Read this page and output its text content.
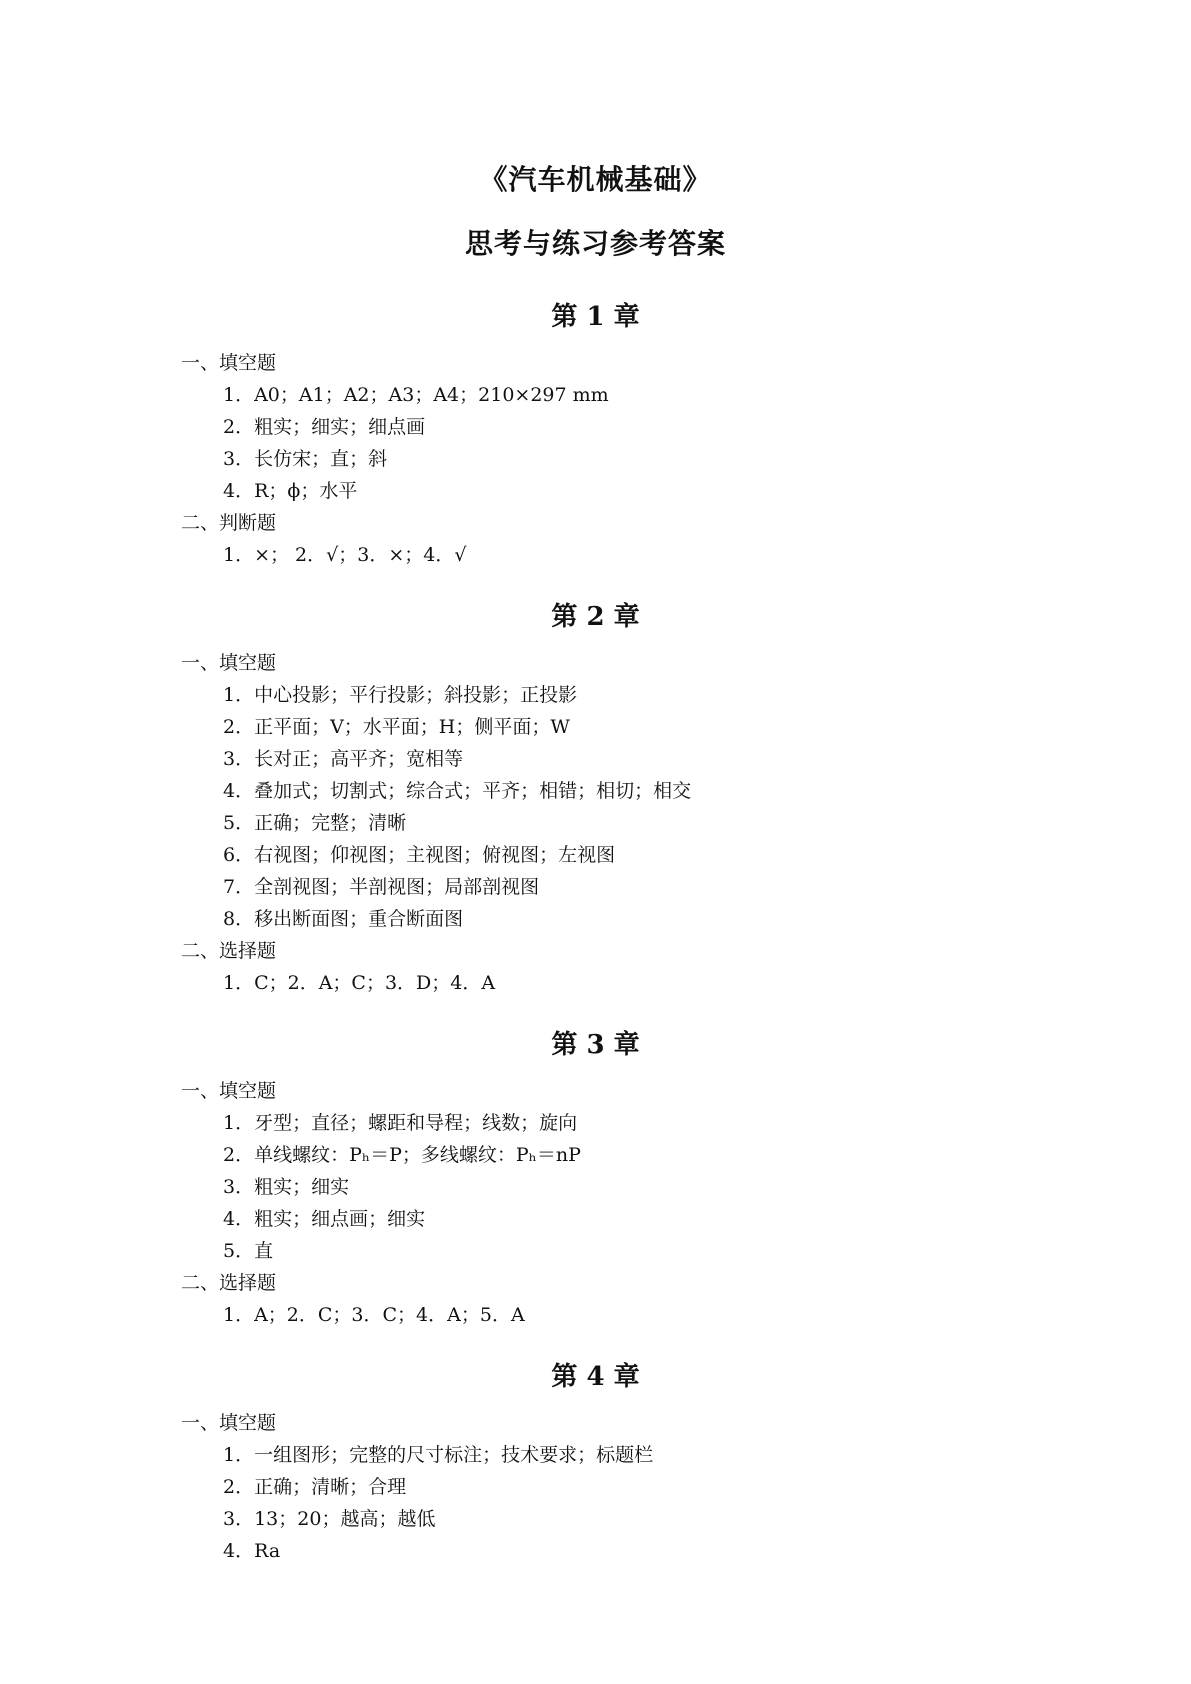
《汽车机械基础》
思考与练习参考答案
第 1 章

一、填空题

1．A0；A1；A2；A3；A4；210×297 mm

2．粗实；细实；细点画

3．长仿宋；直；斜

4．R；ϕ；水平

二、判断题

1．×； 2．√；3．×；4．√

第 2 章

一、填空题

1．中心投影；平行投影；斜投影；正投影

2．正平面；V；水平面；H；侧平面；W

3．长对正；高平齐；宽相等

4．叠加式；切割式；综合式；平齐；相错；相切；相交

5．正确；完整；清晰

6．右视图；仰视图；主视图；俯视图；左视图

7．全剖视图；半剖视图；局部剖视图

8．移出断面图；重合断面图

二、选择题

1．C；2．A；C；3．D；4．A

第 3 章

一、填空题

1．牙型；直径；螺距和导程；线数；旋向

2．单线螺纹：Pₕ＝P；多线螺纹：Pₕ＝nP

3．粗实；细实

4．粗实；细点画；细实

5．直

二、选择题

1．A；2．C；3．C；4．A；5．A

第 4 章

一、填空题

1．一组图形；完整的尺寸标注；技术要求；标题栏

2．正确；清晰；合理

3．13；20；越高；越低

4．Ra
